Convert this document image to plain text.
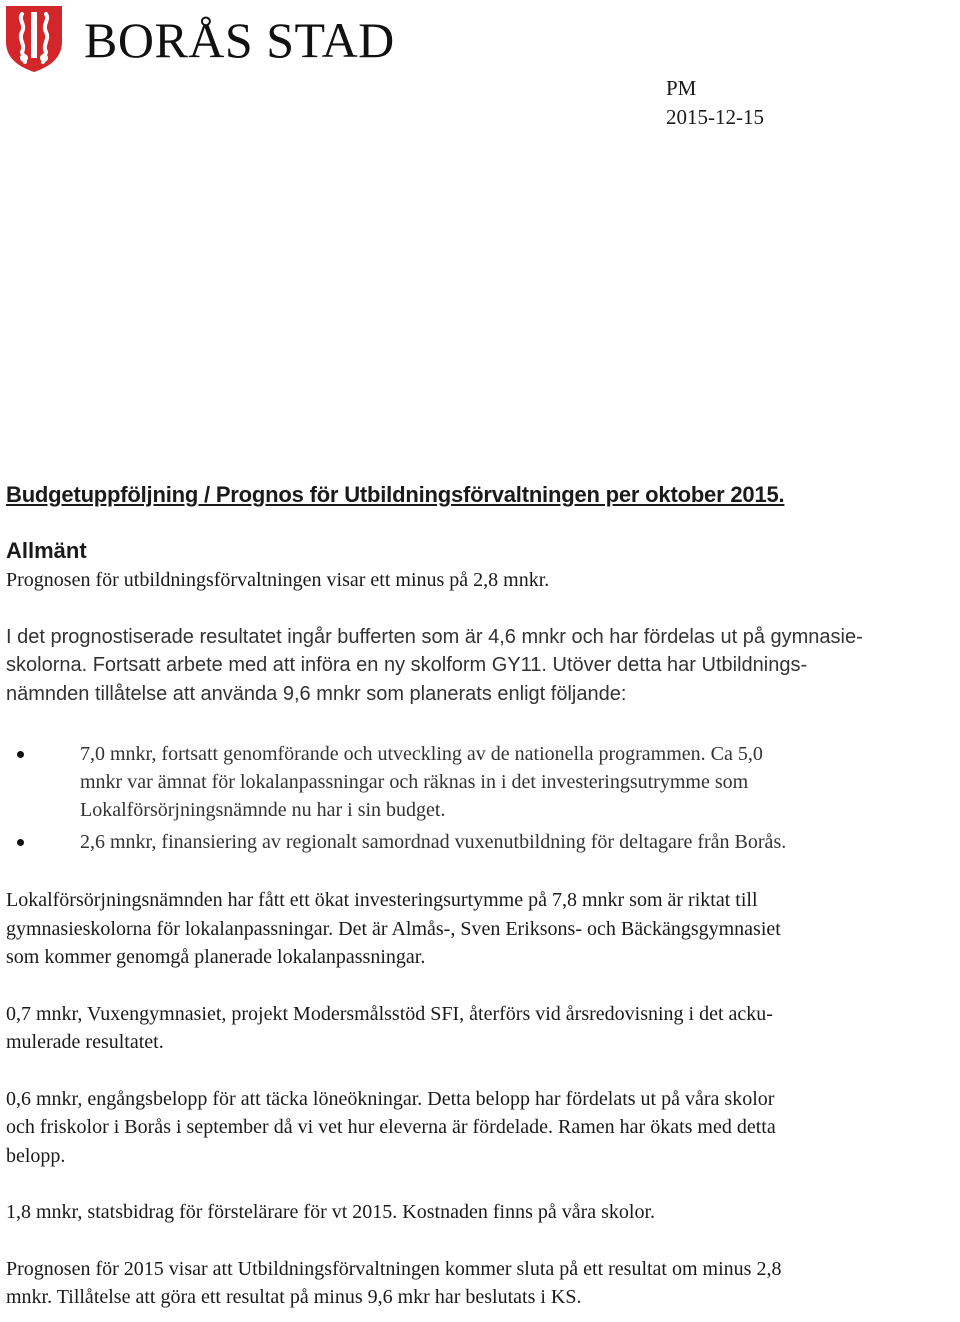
BORÅS STAD
PM
2015-12-15
Budgetuppföljning / Prognos för Utbildningsförvaltningen per oktober 2015.
Allmänt

Prognosen för utbildningsförvaltningen visar ett minus på 2,8 mnkr.

I det prognostiserade resultatet ingår bufferten som är 4,6 mnkr och har fördelas ut på gymnasie-
skolorna. Fortsatt arbete med att införa en ny skolform GY11. Utöver detta har Utbildnings-
nämnden tillåtelse att använda 9,6 mnkr som planerats enligt följande:

7,0 mnkr, fortsatt genomförande och utveckling av de nationella programmen. Ca 5,0
mnkr var ämnat för lokalanpassningar och räknas in i det investeringsutrymme som
Lokalförsörjningsnämnde nu har i sin budget.
2,6 mnkr, finansiering av regionalt samordnad vuxenutbildning för deltagare från Borås.

Lokalförsörjningsnämnden har fått ett ökat investeringsurtymme på 7,8 mnkr som är riktat till
gymnasieskolorna för lokalanpassningar. Det är Almås-, Sven Eriksons- och Bäckängsgymnasiet
som kommer genomgå planerade lokalanpassningar.

0,7 mnkr, Vuxengymnasiet, projekt Modersmålsstöd SFI, återförs vid årsredovisning i det acku-
mulerade resultatet.

0,6 mnkr, engångsbelopp för att täcka löneökningar. Detta belopp har fördelats ut på våra skolor
och friskolor i Borås i september då vi vet hur eleverna är fördelade. Ramen har ökats med detta
belopp.

1,8 mnkr, statsbidrag för förstelärare för vt 2015. Kostnaden finns på våra skolor.

Prognosen för 2015 visar att Utbildningsförvaltningen kommer sluta på ett resultat om minus 2,8
mnkr. Tillåtelse att göra ett resultat på minus 9,6 mkr har beslutats i KS.
